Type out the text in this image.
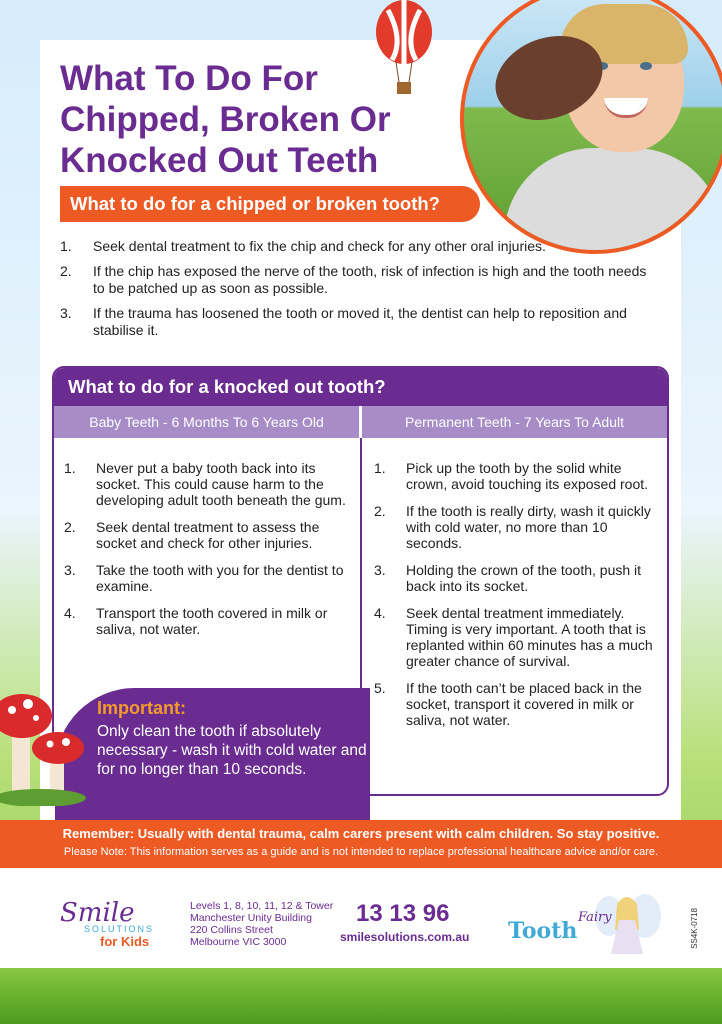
What To Do For Chipped, Broken Or Knocked Out Teeth
What to do for a chipped or broken tooth?
1. Seek dental treatment to fix the chip and check for any other oral injuries.
2. If the chip has exposed the nerve of the tooth, risk of infection is high and the tooth needs to be patched up as soon as possible.
3. If the trauma has loosened the tooth or moved it, the dentist can help to reposition and stabilise it.
What to do for a knocked out tooth?
Baby Teeth - 6 Months To 6 Years Old	Permanent Teeth - 7 Years To Adult
1. Never put a baby tooth back into its socket. This could cause harm to the developing adult tooth beneath the gum.
2. Seek dental treatment to assess the socket and check for other injuries.
3. Take the tooth with you for the dentist to examine.
4. Transport the tooth covered in milk or saliva, not water.
1. Pick up the tooth by the solid white crown, avoid touching its exposed root.
2. If the tooth is really dirty, wash it quickly with cold water, no more than 10 seconds.
3. Holding the crown of the tooth, push it back into its socket.
4. Seek dental treatment immediately. Timing is very important. A tooth that is replanted within 60 minutes has a much greater chance of survival.
5. If the tooth can’t be placed back in the socket, transport it covered in milk or saliva, not water.
Important:
Only clean the tooth if absolutely necessary - wash it with cold water and for no longer than 10 seconds.
Remember: Usually with dental trauma, calm carers present with calm children. So stay positive.
Please Note: This information serves as a guide and is not intended to replace professional healthcare advice and/or care.
Smile
SOLUTIONS
for Kids
Levels 1, 8, 10, 11, 12 & Tower
Manchester Unity Building
220 Collins Street
Melbourne VIC 3000
13 13 96
smilesolutions.com.au Tooth
Fairy	SS4K-0718
